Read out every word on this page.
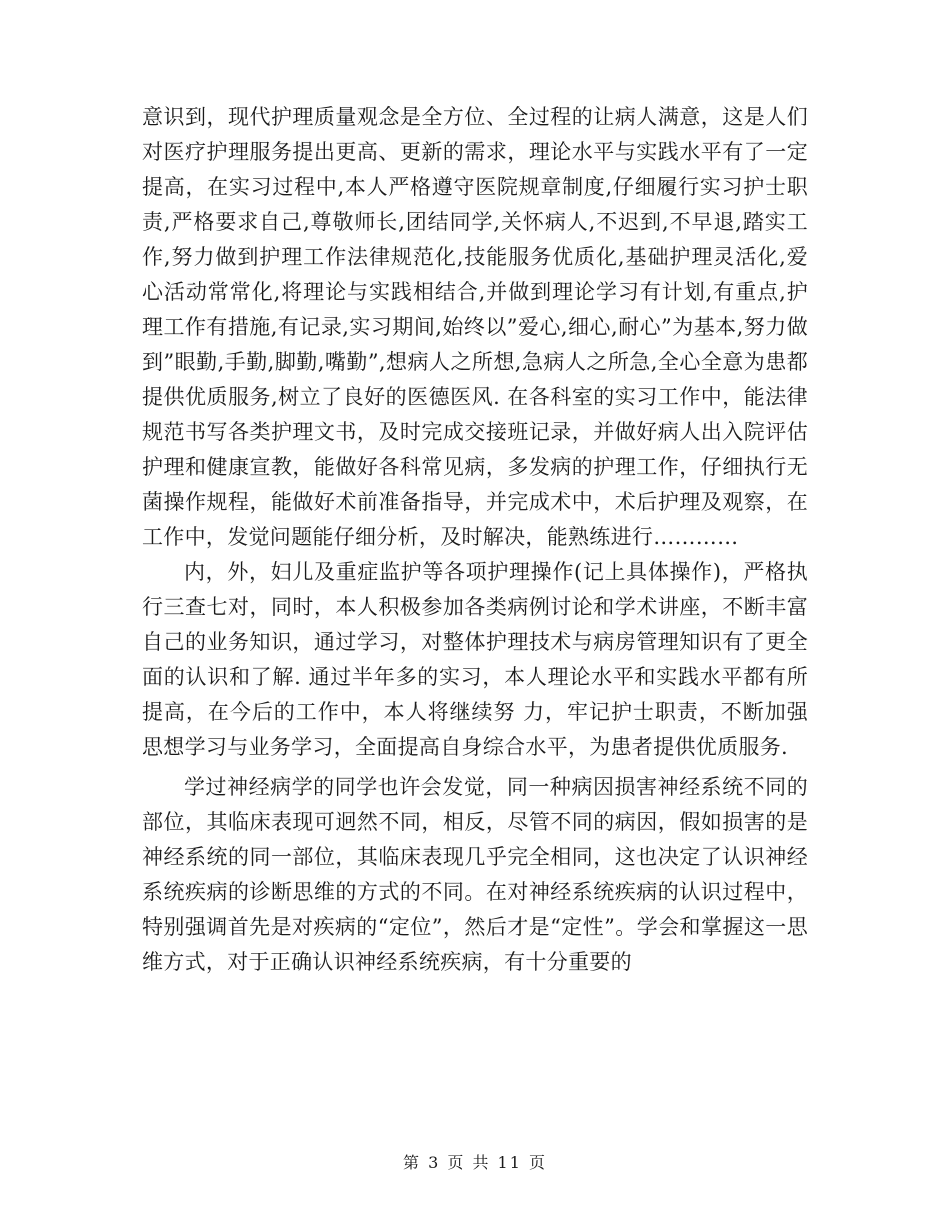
意识到，现代护理质量观念是全方位、全过程的让病人满意，这是人们对医疗护理服务提出更高、更新的需求，理论水平与实践水平有了一定提高，在实习过程中,本人严格遵守医院规章制度,仔细履行实习护士职责,严格要求自己,尊敬师长,团结同学,关怀病人,不迟到,不早退,踏实工作,努力做到护理工作法律规范化,技能服务优质化,基础护理灵活化,爱心活动常常化,将理论与实践相结合,并做到理论学习有计划,有重点,护理工作有措施,有记录,实习期间,始终以”爱心,细心,耐心”为基本,努力做到”眼勤,手勤,脚勤,嘴勤”,想病人之所想,急病人之所急,全心全意为患都提供优质服务,树立了良好的医德医风. 在各科室的实习工作中，能法律规范书写各类护理文书，及时完成交接班记录，并做好病人出入院评估护理和健康宣教，能做好各科常见病，多发病的护理工作，仔细执行无菌操作规程，能做好术前准备指导，并完成术中，术后护理及观察，在工作中，发觉问题能仔细分析，及时解决，能熟练进行…………

内，外，妇儿及重症监护等各项护理操作(记上具体操作)，严格执行三查七对，同时，本人积极参加各类病例讨论和学术讲座，不断丰富自己的业务知识，通过学习，对整体护理技术与病房管理知识有了更全面的认识和了解. 通过半年多的实习，本人理论水平和实践水平都有所提高，在今后的工作中，本人将继续努 力，牢记护士职责，不断加强思想学习与业务学习，全面提高自身综合水平，为患者提供优质服务.

学过神经病学的同学也许会发觉，同一种病因损害神经系统不同的部位，其临床表现可迥然不同，相反，尽管不同的病因，假如损害的是神经系统的同一部位，其临床表现几乎完全相同，这也决定了认识神经系统疾病的诊断思维的方式的不同。在对神经系统疾病的认识过程中，特别强调首先是对疾病的“定位”，然后才是“定性”。学会和掌握这一思维方式，对于正确认识神经系统疾病，有十分重要的

第 3 页 共 11 页
